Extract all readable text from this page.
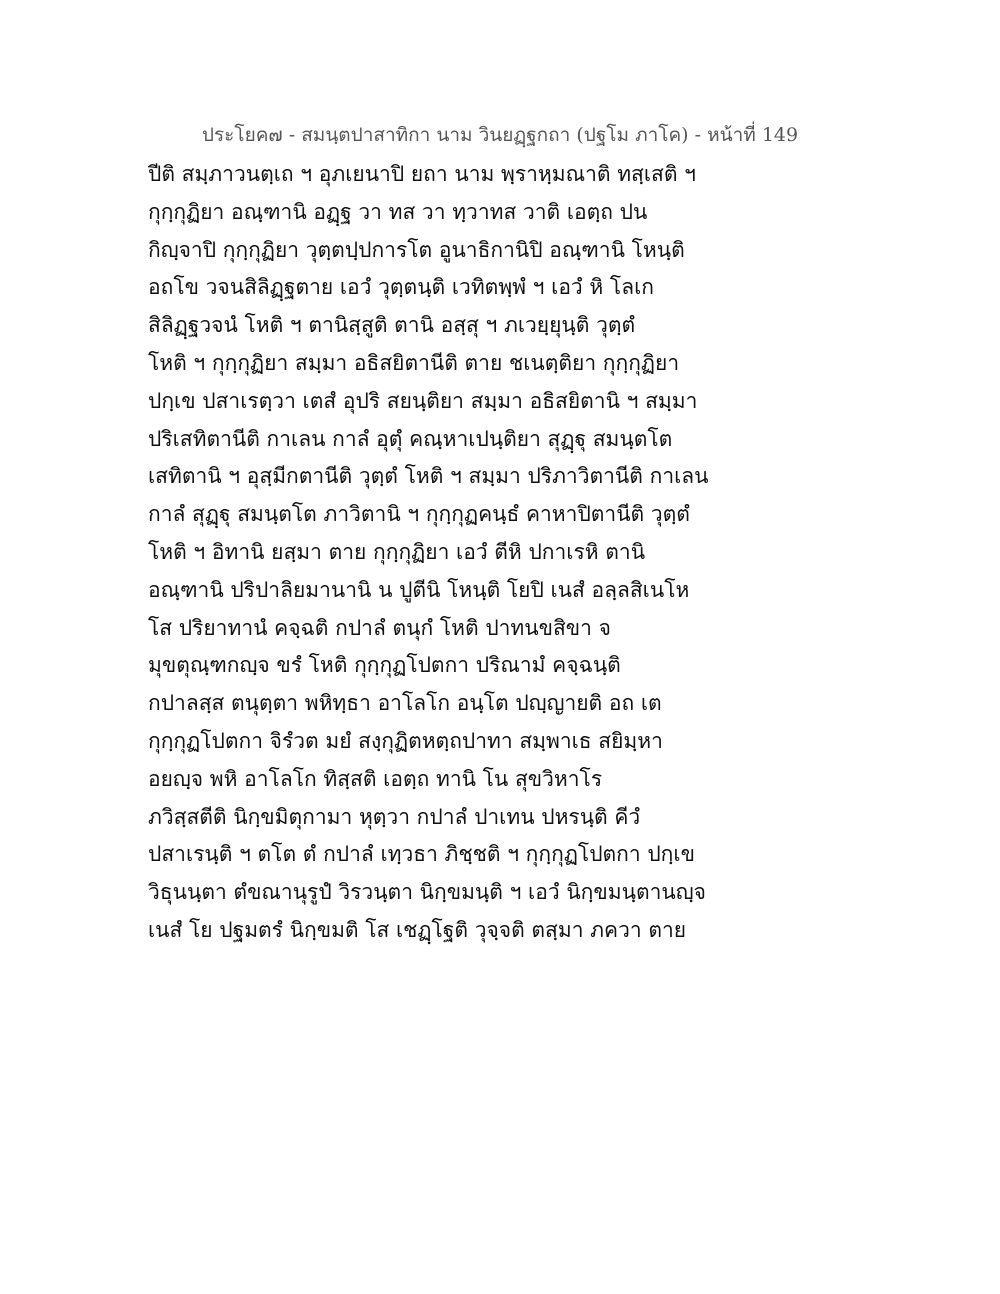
ประโยค๗ - สมนฺตปาสาทิกา นาม วินยฏฺฐกถา (ปฐโม ภาโค) - หน้าที่ 149
ปีติ สมฺภาวนตฺเถ ฯ อุภเยนาปิ ยถา นาม พฺราหฺมณาติ ทสฺเสติ ฯ
กุกฺกุฏิยา อณฺฑานิ อฏฺฐ วา ทส วา ทฺวาทส วาติ เอตฺถ ปน
กิญฺจาปิ กุกฺกุฏิยา วุตฺตปฺปการโต อูนาธิกานิปิ อณฺฑานิ โหนฺติ
อถโข วจนสิลิฏฺฐตาย เอวํ วุตฺตนฺติ เวทิตพฺพํ ฯ เอวํ หิ โลเก
สิลิฏฺฐวจนํ โหติ ฯ ตานิสฺสูติ ตานิ อสฺสุ ฯ ภเวยฺยุนฺติ วุตฺตํ
โหติ ฯ กุกฺกุฏิยา สมฺมา อธิสยิตานีติ ตาย ชเนตฺติยา กุกฺกุฏิยา
ปกฺเข ปสาเรตฺวา เตสํ อุปริ สยนฺติยา สมฺมา อธิสยิตานิ ฯ สมฺมา
ปริเสทิตานีติ กาเลน กาลํ อุตุํ คณฺหาเปนฺติยา สุฏฺฐุ สมนฺตโต
เสทิตานิ ฯ อุสฺมีกตานีติ วุตฺตํ โหติ ฯ สมฺมา ปริภาวิตานีติ กาเลน
กาลํ สุฏฺฐุ สมนฺตโต ภาวิตานิ ฯ กุกฺกุฏคนฺธํ คาหาปิตานีติ วุตฺตํ
โหติ ฯ อิทานิ ยสฺมา ตาย กุกฺกุฏิยา เอวํ ตีหิ ปกาเรหิ ตานิ
อณฺฑานิ ปริปาลิยมานานิ น ปูตีนิ โหนฺติ โยปิ เนสํ อลฺลสิเนโห
โส ปริยาทานํ คจฺฉติ กปาลํ ตนุกํ โหติ ปาทนขสิขา จ
มุขตุณฺฑกญฺจ ขรํ โหติ กุกฺกุฏโปตกา ปริณามํ คจฺฉนฺติ
กปาลสฺส ตนุตฺตา พหิทฺธา อาโลโก อนฺโต ปญฺญายติ อถ เต
กุกฺกุฏโปตกา จิรํวต มยํ สงฺกุฏิตหตฺถปาทา สมฺพาเธ สยิมฺหา
อยญฺจ พหิ อาโลโก ทิสฺสติ เอตฺถ ทานิ โน สุขวิหาโร
ภวิสฺสตีติ นิกฺขมิตุกามา หุตฺวา กปาลํ ปาเทน ปหรนฺติ คีวํ
ปสาเรนฺติ ฯ ตโต ตํ กปาลํ เทฺวธา ภิชฺชติ ฯ กุกฺกุฏโปตกา ปกฺเข
วิธุนนฺตา ตํขณานุรูปํ วิรวนฺตา นิกฺขมนฺติ ฯ เอวํ นิกฺขมนฺตานญฺจ
เนสํ โย ปฐมตรํ นิกฺขมติ โส เชฏฺโฐติ วุจฺจติ ตสฺมา ภควา ตาย
